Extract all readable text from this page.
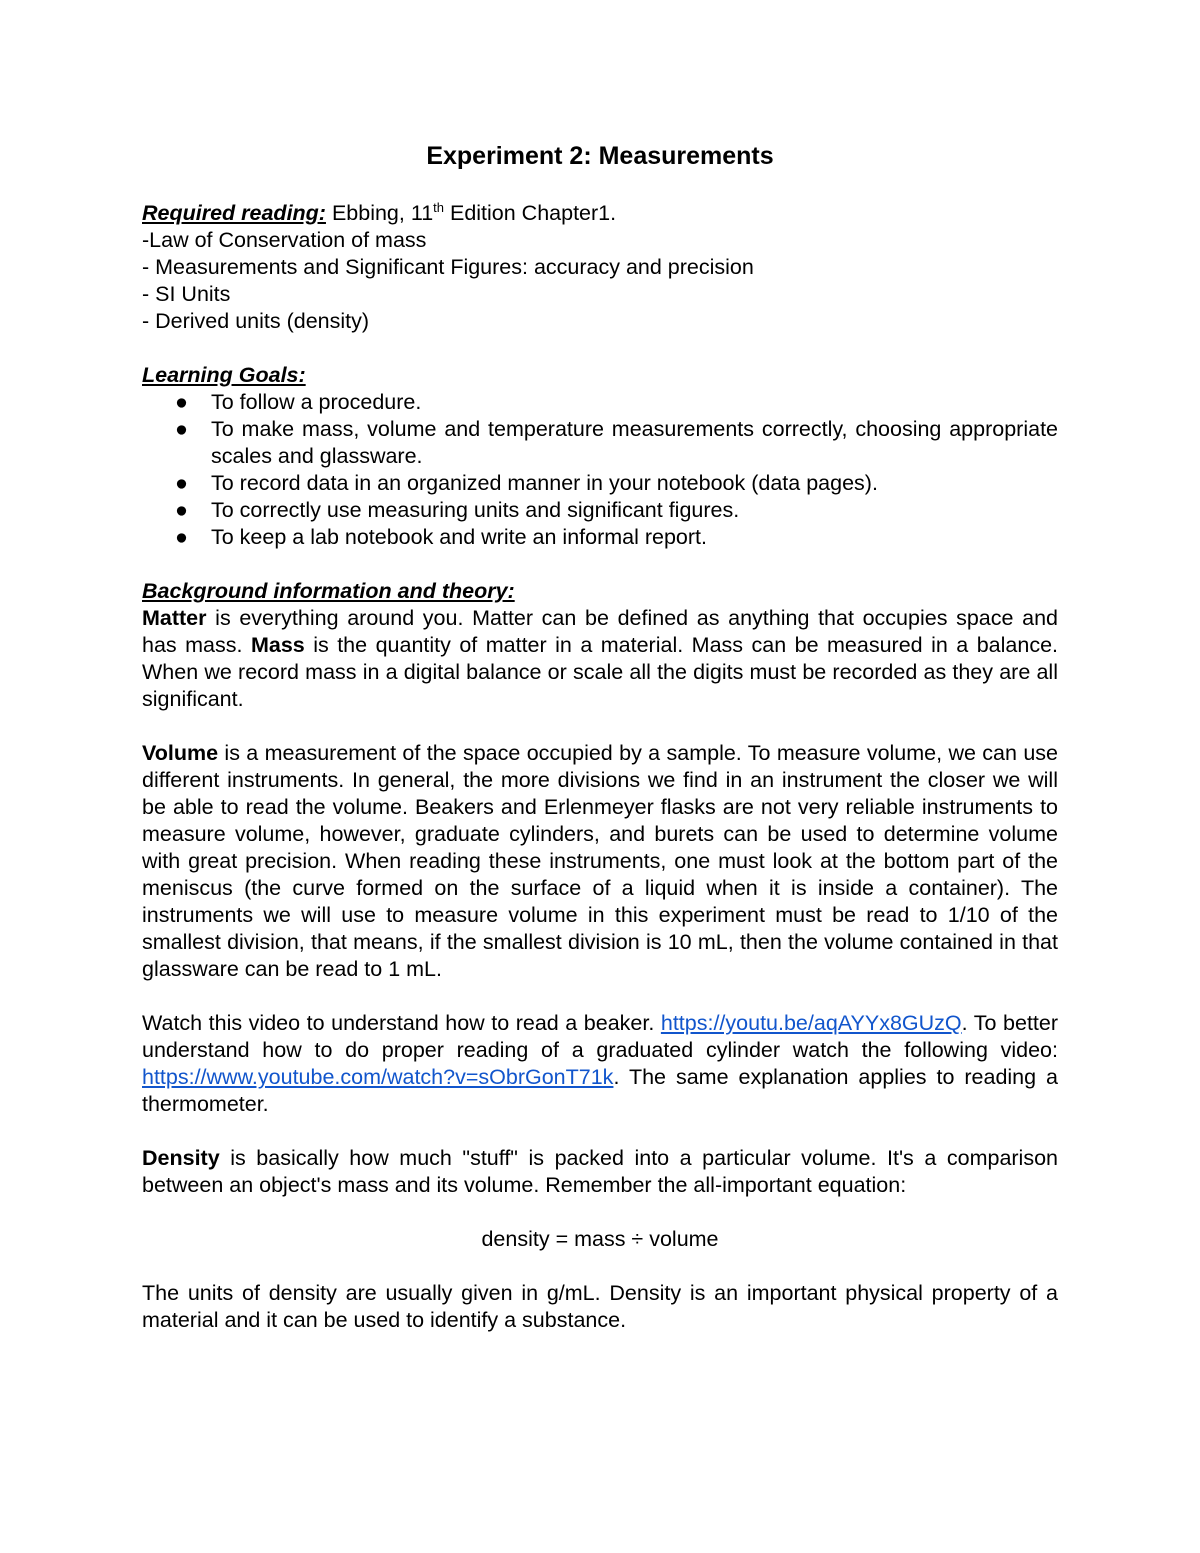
Experiment 2: Measurements

Required reading: Ebbing, 11th Edition Chapter1.

-Law of Conservation of mass

- Measurements and Significant Figures: accuracy and precision

- SI Units

- Derived units (density)

Learning Goals:

● To follow a procedure.
● To make mass, volume and temperature measurements correctly, choosing appropriate scales and glassware.
● To record data in an organized manner in your notebook (data pages).
● To correctly use measuring units and significant figures.
● To keep a lab notebook and write an informal report.

Background information and theory:

Matter is everything around you. Matter can be defined as anything that occupies space and has mass. Mass is the quantity of matter in a material. Mass can be measured in a balance. When we record mass in a digital balance or scale all the digits must be recorded as they are all significant.

Volume is a measurement of the space occupied by a sample. To measure volume, we can use different instruments. In general, the more divisions we find in an instrument the closer we will be able to read the volume. Beakers and Erlenmeyer flasks are not very reliable instruments to measure volume, however, graduate cylinders, and burets can be used to determine volume with great precision. When reading these instruments, one must look at the bottom part of the meniscus (the curve formed on the surface of a liquid when it is inside a container). The instruments we will use to measure volume in this experiment must be read to 1/10 of the smallest division, that means, if the smallest division is 10 mL, then the volume contained in that glassware can be read to 1 mL.

Watch this video to understand how to read a beaker. https://youtu.be/aqAYYx8GUzQ. To better understand how to do proper reading of a graduated cylinder watch the following video: https://www.youtube.com/watch?v=sObrGonT71k. The same explanation applies to reading a thermometer.

Density is basically how much "stuff" is packed into a particular volume. It's a comparison between an object's mass and its volume. Remember the all-important equation:

density = mass ÷ volume

The units of density are usually given in g/mL. Density is an important physical property of a material and it can be used to identify a substance.
